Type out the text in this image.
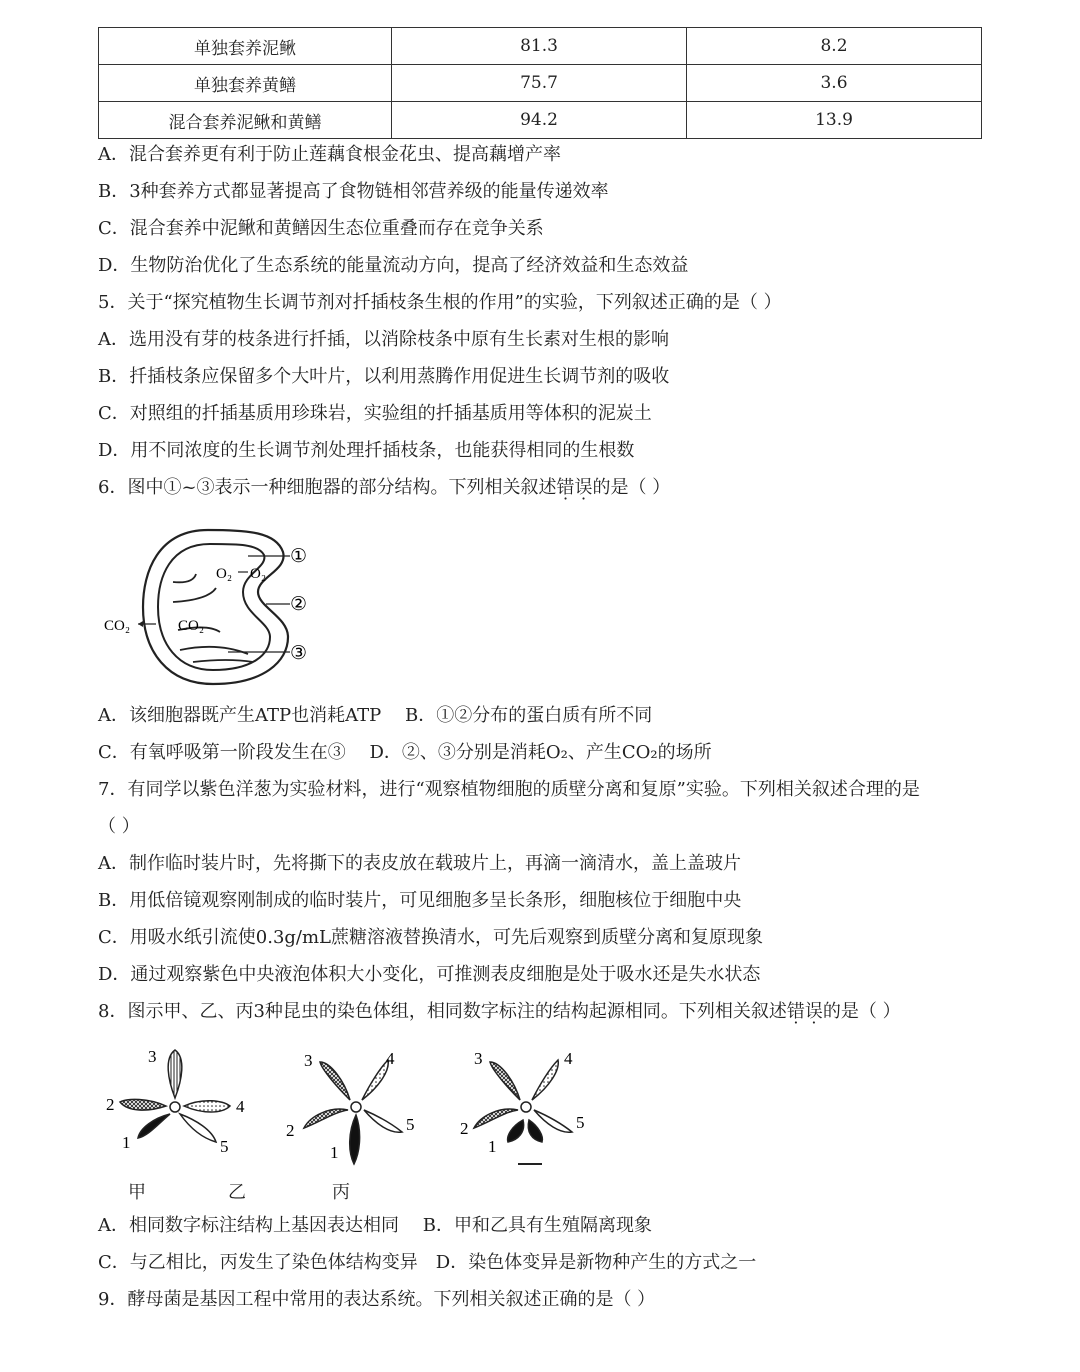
单独套养泥鳅	81.3	8.2
单独套养黄鳝	75.7	3.6
混合套养泥鳅和黄鳝	94.2	13.9
A．混合套养更有利于防止莲藕食根金花虫、提高藕增产率
B．3种套养方式都显著提高了食物链相邻营养级的能量传递效率
C．混合套养中泥鳅和黄鳝因生态位重叠而存在竞争关系
D．生物防治优化了生态系统的能量流动方向，提高了经济效益和生态效益
5．关于“探究植物生长调节剂对扦插枝条生根的作用”的实验，下列叙述正确的是（ ）
A．选用没有芽的枝条进行扦插，以消除枝条中原有生长素对生根的影响
B．扦插枝条应保留多个大叶片，以利用蒸腾作用促进生长调节剂的吸收
C．对照组的扦插基质用珍珠岩，实验组的扦插基质用等体积的泥炭土
D．用不同浓度的生长调节剂处理扦插枝条，也能获得相同的生根数
6．图中①~③表示一种细胞器的部分结构。下列相关叙述错误的是（ ）
O₂ O₂
CO₂	CO₂
①
②
③
A．该细胞器既产生ATP也消耗ATP　 B．①②分布的蛋白质有所不同
C．有氧呼吸第一阶段发生在③　 D．②、③分别是消耗O₂、产生CO₂的场所
7．有同学以紫色洋葱为实验材料，进行“观察植物细胞的质壁分离和复原”实验。下列相关叙述合理的是
（ ）
A．制作临时装片时，先将撕下的表皮放在载玻片上，再滴一滴清水，盖上盖玻片
B．用低倍镜观察刚制成的临时装片，可见细胞多呈长条形，细胞核位于细胞中央
C．用吸水纸引流使0.3g/mL蔗糖溶液替换清水，可先后观察到质壁分离和复原现象
D．通过观察紫色中央液泡体积大小变化，可推测表皮细胞是处于吸水还是失水状态
8．图示甲、乙、丙3种昆虫的染色体组，相同数字标注的结构起源相同。下列相关叙述错误的是（ ）
3
2	4
1	5
3	4
2	5
1
3	4
2	5
1
甲	乙	丙
A．相同数字标注结构上基因表达相同　 B．甲和乙具有生殖隔离现象
C．与乙相比，丙发生了染色体结构变异　D．染色体变异是新物种产生的方式之一
9．酵母菌是基因工程中常用的表达系统。下列相关叙述正确的是（ ）
